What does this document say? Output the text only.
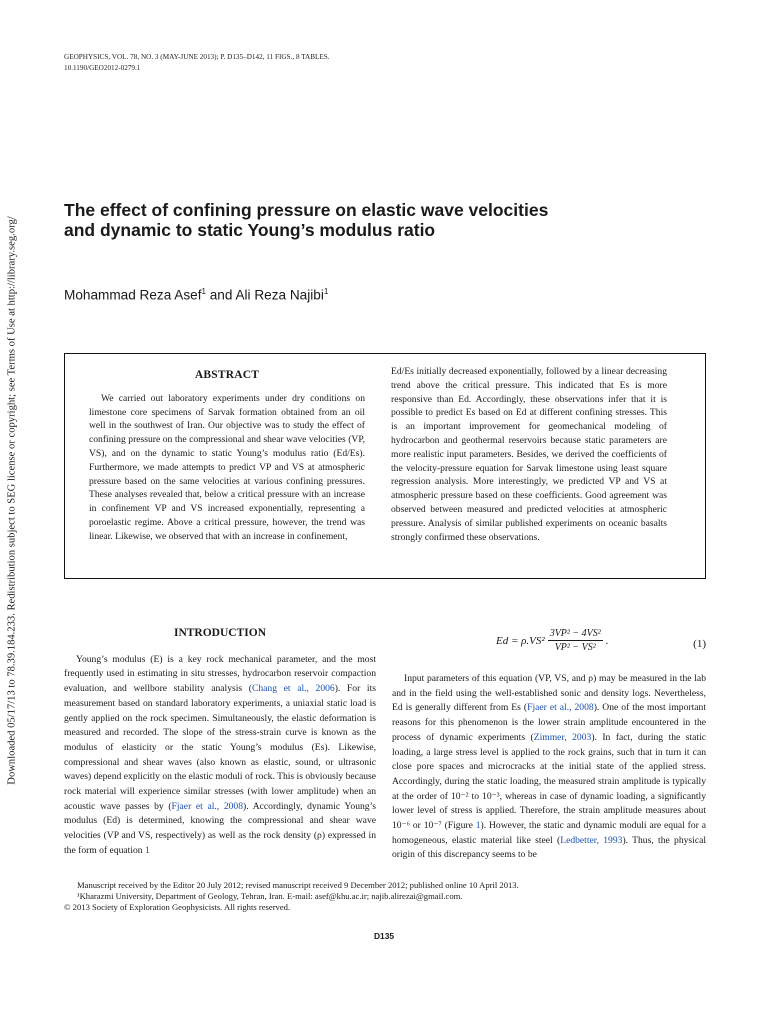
Downloaded 05/17/13 to 78.39.184.233. Redistribution subject to SEG license or copyright; see Terms of Use at http://library.seg.org/
GEOPHYSICS, VOL. 78, NO. 3 (MAY-JUNE 2013); P. D135–D142, 11 FIGS., 8 TABLES.
10.1190/GEO2012-0279.1
The effect of confining pressure on elastic wave velocities
and dynamic to static Young’s modulus ratio

Mohammad Reza Asef$^1$ and Ali Reza Najibi$^1$

ABSTRACT

We carried out laboratory experiments under dry conditions on limestone core specimens of Sarvak formation obtained from an oil well in the southwest of Iran. Our objective was to study the effect of confining pressure on the compressional and shear wave velocities (VP, VS), and on the dynamic to static Young’s modulus ratio (Ed/Es). Furthermore, we made attempts to predict VP and VS at atmospheric pressure based on the same velocities at various confining pressures. These analyses revealed that, below a critical pressure with an increase in confinement VP and VS increased exponentially, representing a poroelastic regime. Above a critical pressure, however, the trend was linear. Likewise, we observed that with an increase in confinement,

Ed/Es initially decreased exponentially, followed by a linear decreasing trend above the critical pressure. This indicated that Es is more responsive than Ed. Accordingly, these observations infer that it is possible to predict Es based on Ed at different confining stresses. This is an important improvement for geomechanical modeling of hydrocarbon and geothermal reservoirs because static parameters are more realistic input parameters. Besides, we derived the coefficients of the velocity-pressure equation for Sarvak limestone using least square regression analysis. More interestingly, we predicted VP and VS at atmospheric pressure based on these coefficients. Good agreement was observed between measured and predicted velocities at atmospheric pressure. Analysis of similar published experiments on oceanic basalts strongly confirmed these observations.

INTRODUCTION

Young’s modulus (E) is a key rock mechanical parameter, and the most frequently used in estimating in situ stresses, hydrocarbon reservoir compaction evaluation, and wellbore stability analysis (Chang et al., 2006). For its measurement based on standard laboratory experiments, a uniaxial static load is gently applied on the rock specimen. Simultaneously, the elastic deformation is measured and recorded. The slope of the stress-strain curve is known as the modulus of elasticity or the static Young’s modulus (Es). Likewise, compressional and shear waves (also known as elastic, sound, or ultrasonic waves) depend explicitly on the elastic moduli of rock. This is obviously because rock material will experience similar stresses (with lower amplitude) when an acoustic wave passes by (Fjaer et al., 2008). Accordingly, dynamic Young’s modulus (Ed) is determined, knowing the compressional and shear wave velocities (VP and VS, respectively) as well as the rock density (ρ) expressed in the form of equation 1

$Ed = \rho.VS^2 \frac{\text{3VP² − 4VS²}}{\text{VP² − VS²}}$ .	(1)

Input parameters of this equation (VP, VS, and ρ) may be measured in the lab and in the field using the well-established sonic and density logs. Nevertheless, Ed is generally different from Es (Fjaer et al., 2008). One of the most important reasons for this phenomenon is the lower strain amplitude encountered in the process of dynamic experiments (Zimmer, 2003). In fact, during the static loading, a large stress level is applied to the rock grains, such that in turn it can close pore spaces and microcracks at the initial state of the applied stress. Accordingly, during the static loading, the measured strain amplitude is typically at the order of 10⁻² to 10⁻³, whereas in case of dynamic loading, a significantly lower level of stress is applied. Therefore, the strain amplitude measures about 10⁻⁶ or 10⁻⁷ (Figure 1). However, the static and dynamic moduli are equal for a homogeneous, elastic material like steel (Ledbetter, 1993). Thus, the physical origin of this discrepancy seems to be

Manuscript received by the Editor 20 July 2012; revised manuscript received 9 December 2012; published online 10 April 2013.
¹Kharazmi University, Department of Geology, Tehran, Iran. E-mail: asef@khu.ac.ir; najib.alirezai@gmail.com.
© 2013 Society of Exploration Geophysicists. All rights reserved.
D135
